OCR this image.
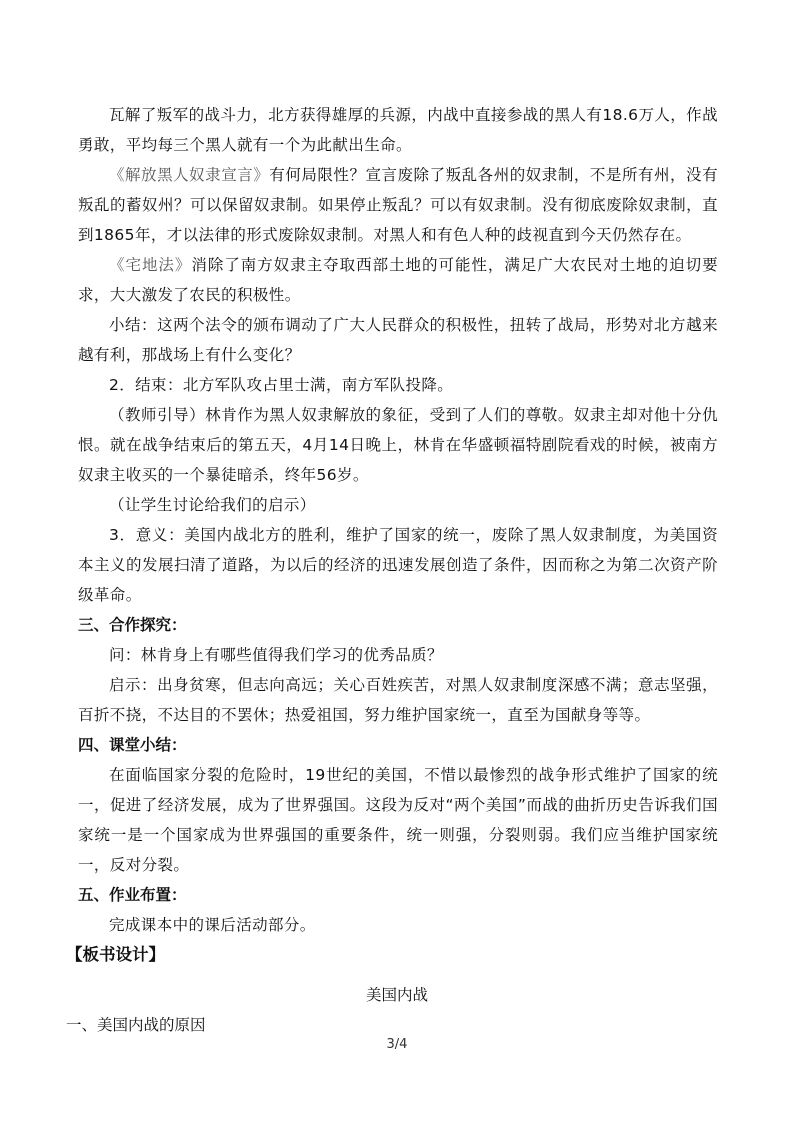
瓦解了叛军的战斗力，北方获得雄厚的兵源，内战中直接参战的黑人有18.6万人，作战勇敢，平均每三个黑人就有一个为此献出生命。

《解放黑人奴隶宣言》有何局限性？宣言废除了叛乱各州的奴隶制，不是所有州，没有叛乱的蓄奴州？可以保留奴隶制。如果停止叛乱？可以有奴隶制。没有彻底废除奴隶制，直到1865年，才以法律的形式废除奴隶制。对黑人和有色人种的歧视直到今天仍然存在。

《宅地法》消除了南方奴隶主夺取西部土地的可能性，满足广大农民对土地的迫切要求，大大激发了农民的积极性。

小结：这两个法令的颁布调动了广大人民群众的积极性，扭转了战局，形势对北方越来越有利，那战场上有什么变化？

2．结束：北方军队攻占里士满，南方军队投降。

（教师引导）林肯作为黑人奴隶解放的象征，受到了人们的尊敬。奴隶主却对他十分仇恨。就在战争结束后的第五天，4月14日晚上，林肯在华盛顿福特剧院看戏的时候，被南方奴隶主收买的一个暴徒暗杀，终年56岁。

（让学生讨论给我们的启示）

3．意义：美国内战北方的胜利，维护了国家的统一，废除了黑人奴隶制度，为美国资本主义的发展扫清了道路，为以后的经济的迅速发展创造了条件，因而称之为第二次资产阶级革命。

三、合作探究：

问：林肯身上有哪些值得我们学习的优秀品质？

启示：出身贫寒，但志向高远；关心百姓疾苦，对黑人奴隶制度深感不满；意志坚强，百折不挠，不达目的不罢休；热爱祖国，努力维护国家统一，直至为国献身等等。

四、课堂小结：

在面临国家分裂的危险时，19世纪的美国，不惜以最惨烈的战争形式维护了国家的统一，促进了经济发展，成为了世界强国。这段为反对“两个美国”而战的曲折历史告诉我们国家统一是一个国家成为世界强国的重要条件，统一则强，分裂则弱。我们应当维护国家统一，反对分裂。

五、作业布置：

完成课本中的课后活动部分。

【板书设计】

美国内战

一、美国内战的原因

3/4
